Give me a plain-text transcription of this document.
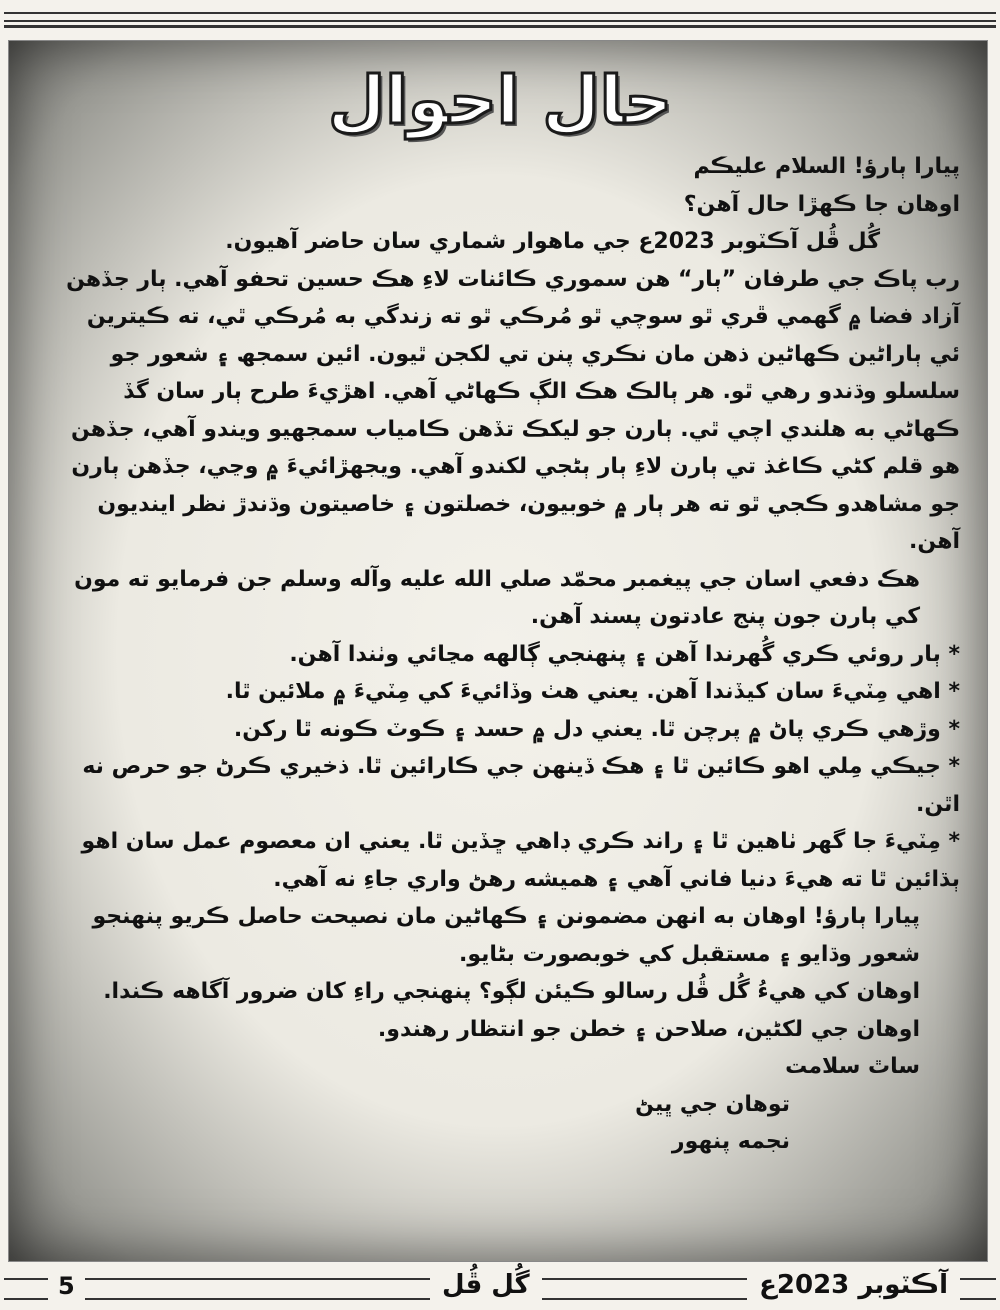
حال احوال

پيارا ٻارؤ! السلام عليڪم

اوهان جا ڪهڙا حال آهن؟

گُل ڦُل آڪٽوبر 2023ع جي ماهوار شماري سان حاضر آهيون.

رب پاڪ جي طرفان ”ٻار“ هن سموري ڪائنات لاءِ هڪ حسين تحفو آهي. ٻار جڏهن آزاد فضا ۾ گهمي ڦري ٿو سوچي ٿو مُرڪي ٿو ته زندگي به مُرڪي ٿي، ته ڪيترين ئي ٻاراڻين ڪهاڻين ذهن مان نڪري پنن تي لکجن ٿيون. ائين سمجھ ۽ شعور جو سلسلو وڌندو رهي ٿو. هر ٻالڪ هڪ الڳ ڪهاڻي آهي. اهڙيءَ طرح ٻار سان گڏ ڪهاڻي به هلندي اچي ٿي. ٻارن جو ليکڪ تڏهن ڪامياب سمجهيو ويندو آهي، جڏهن هو قلم کڻي ڪاغذ تي ٻارن لاءِ ٻار ٻڻجي لکندو آهي. ويجهڙائيءَ ۾ وڃي، جڏهن ٻارن جو مشاهدو ڪجي ٿو ته هر ٻار ۾ خوبيون، خصلتون ۽ خاصيتون وڌندڙ نظر اينديون آهن.

هڪ دفعي اسان جي پيغمبر محمّد صلي الله عليه وآله وسلم جن فرمايو ته مون کي ٻارن جون پنج عادتون پسند آهن.

* ٻار روئي ڪري گُهرندا آهن ۽ پنهنجي ڳالهه مڃائي وٺندا آهن.

* اهي مِٽيءَ سان کيڏندا آهن. يعني هٺ وڏائيءَ کي مِٽيءَ ۾ ملائين ٿا.

* وڙهي ڪري پاڻ ۾ پرچن ٿا. يعني دل ۾ حسد ۽ ڪوٽ ڪونه ٿا رکن.

* جيڪي مِلي اهو ڪائين ٿا ۽ هڪ ڏينهن جي ڪارائين ٿا. ذخيري ڪرڻ جو حرص نه اٿن.

* مِٽيءَ جا گهر ٺاهين ٿا ۽ راند ڪري ڊاهي ڇڏين ٿا. يعني ان معصوم عمل سان اهو ٻڌائين ٿا ته هيءَ دنيا فاني آهي ۽ هميشه رهڻ واري جاءِ نه آهي.

پيارا ٻارؤ! اوهان به انهن مضمونن ۽ ڪهاڻين مان نصيحت حاصل ڪريو پنهنجو شعور وڌايو ۽ مستقبل کي خوبصورت بڻايو.

اوهان کي هيءُ گُل ڦُل رسالو ڪيئن لڳو؟ پنهنجي راءِ کان ضرور آگاهه ڪندا.

اوهان جي لکڻين، صلاحن ۽ خطن جو انتظار رهندو.

ساٿ سلامت

توهان جي ڀيڻ

نجمه پنهور

5	گُل ڦُل	آڪٽوبر 2023ع
